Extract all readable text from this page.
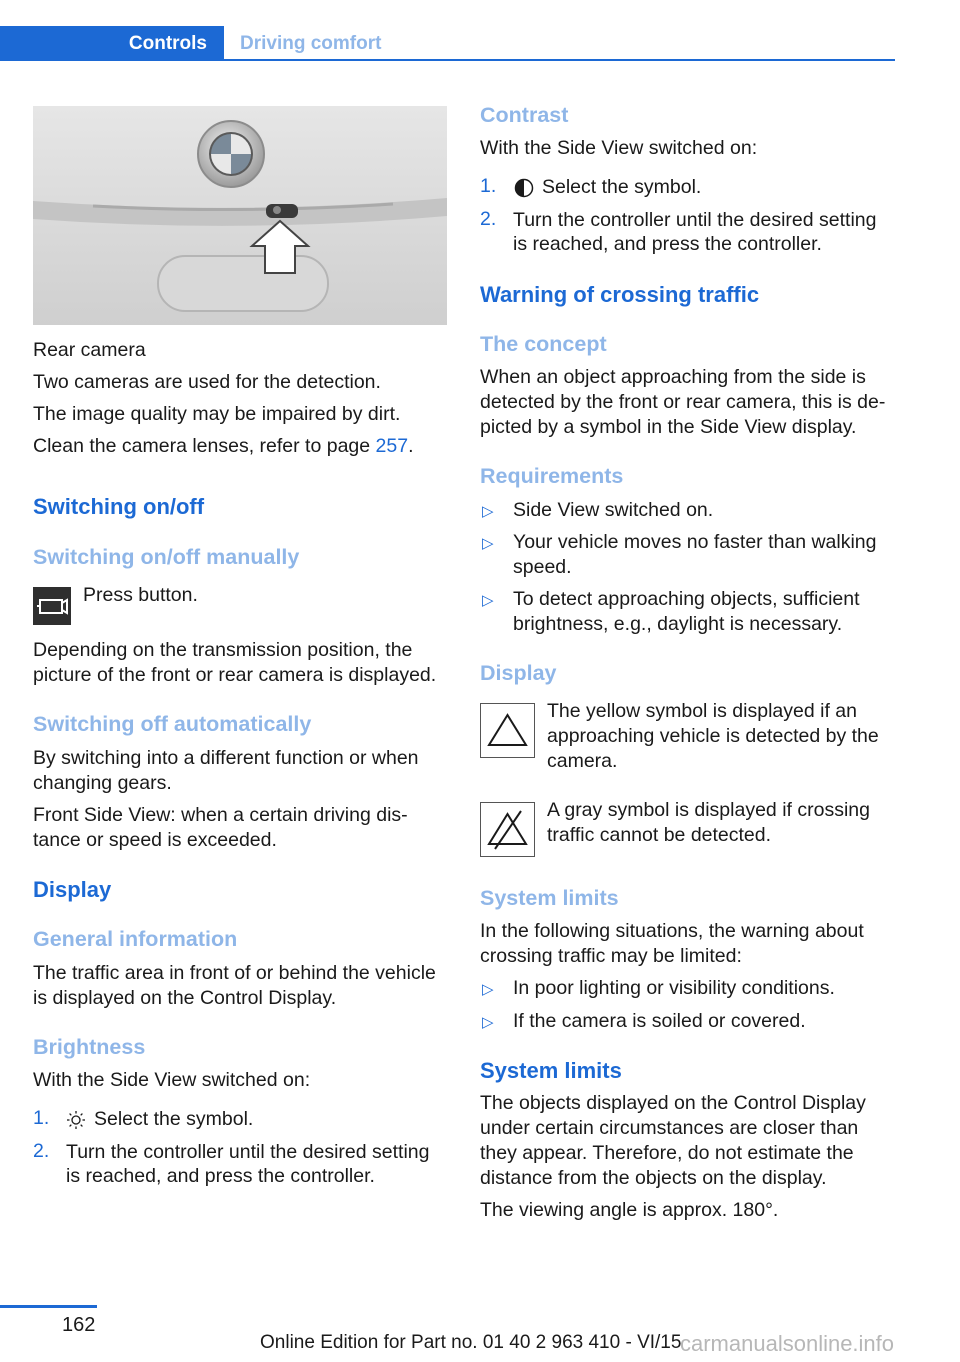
Controls	Driving comfort
Rear camera
Two cameras are used for the detection.
The image quality may be impaired by dirt.
Clean the camera lenses, refer to page 257.
Switching on/off
Switching on/off manually
Press button.
Depending on the transmission position, the
picture of the front or rear camera is displayed.
Switching off automatically
By switching into a different function or when
changing gears.
Front Side View: when a certain driving dis‐
tance or speed is exceeded.
Display
General information
The traffic area in front of or behind the vehicle
is displayed on the Control Display.
Brightness
With the Side View switched on:
1. Select the symbol.
2. Turn the controller until the desired setting
is reached, and press the controller.
Contrast
With the Side View switched on:
1. Select the symbol.
2. Turn the controller until the desired setting
is reached, and press the controller.
Warning of crossing traffic
The concept
When an object approaching from the side is
detected by the front or rear camera, this is de‐
picted by a symbol in the Side View display.
Requirements
▷ Side View switched on.
▷ Your vehicle moves no faster than walking
speed.
▷ To detect approaching objects, sufficient
brightness, e.g., daylight is necessary.
Display
The yellow symbol is displayed if an
approaching vehicle is detected by the
camera.
A gray symbol is displayed if crossing
traffic cannot be detected.
System limits
In the following situations, the warning about
crossing traffic may be limited:
▷ In poor lighting or visibility conditions.
▷ If the camera is soiled or covered.
System limits
The objects displayed on the Control Display
under certain circumstances are closer than
they appear. Therefore, do not estimate the
distance from the objects on the display.
The viewing angle is approx. 180°.
162
Online Edition for Part no. 01 40 2 963 410 - VI/15
carmanualsonline.info
